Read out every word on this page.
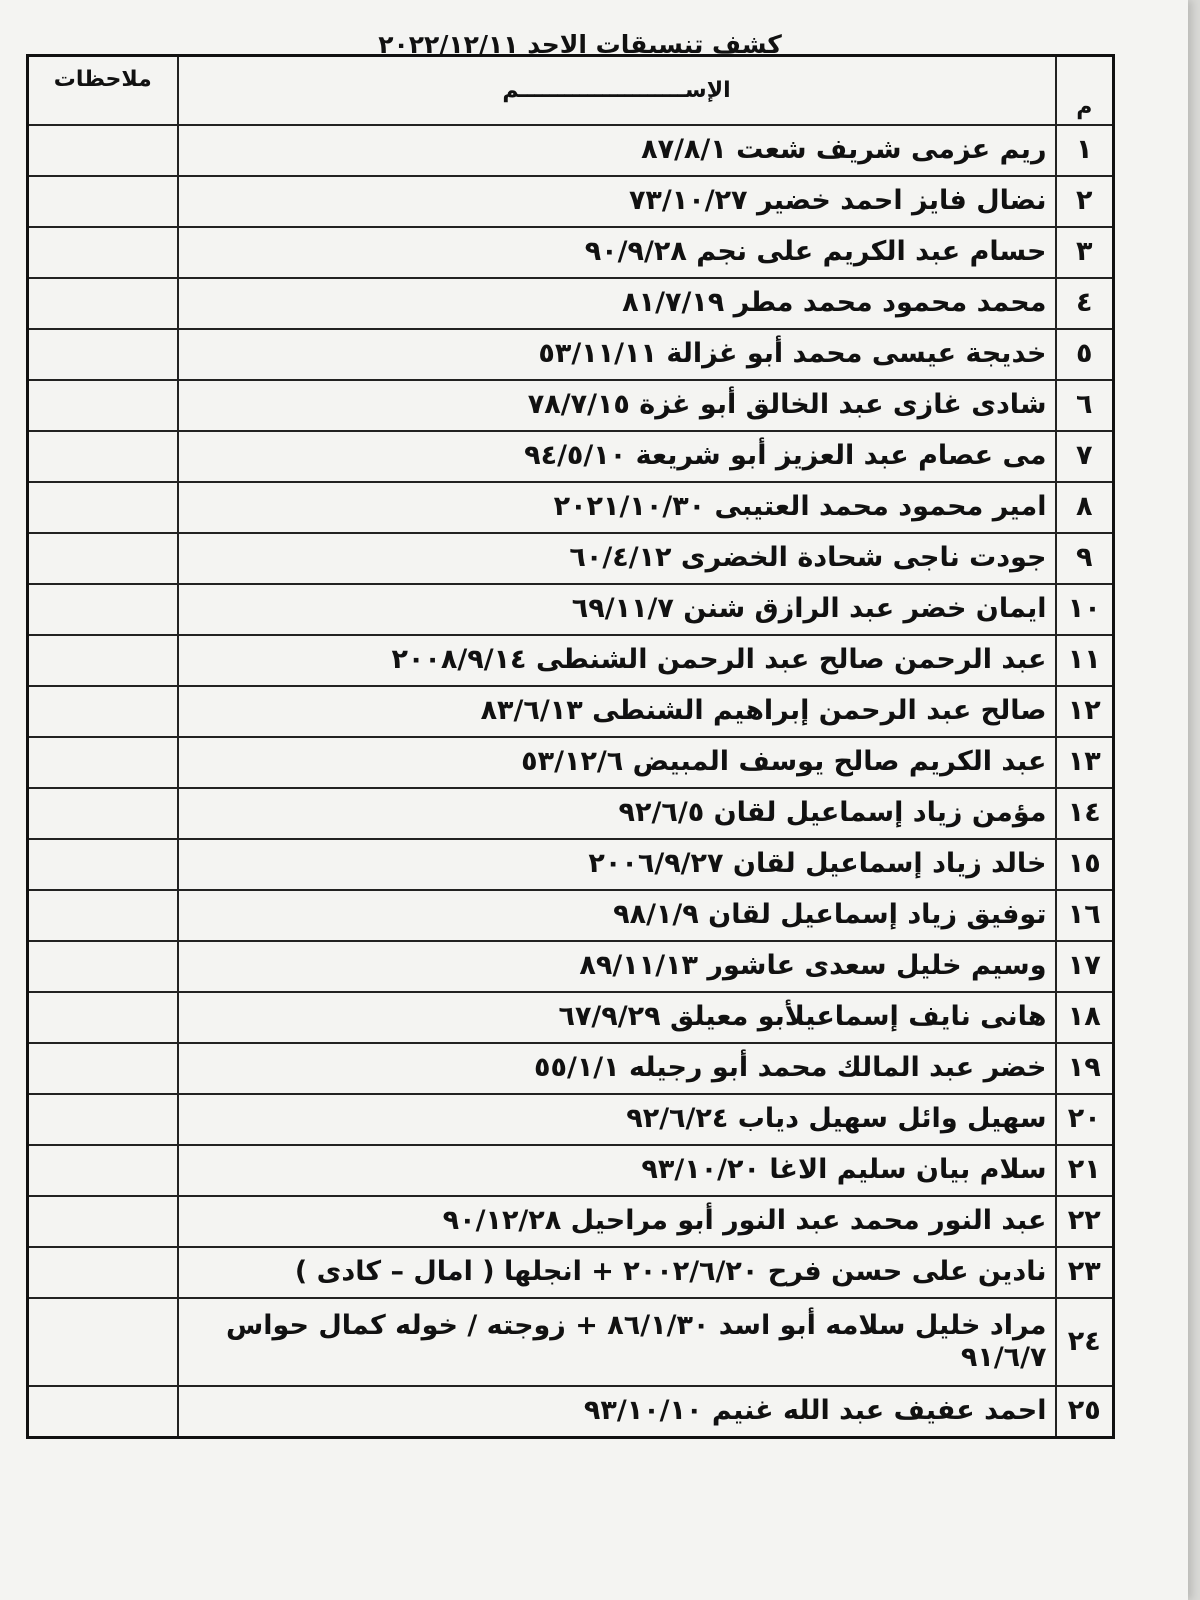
كشف تنسيقات الاحد ٢٠٢٢/١٢/١١
م	الإســــــــــــــــــــــم	ملاحظات
١	ريم عزمى شريف شعت ٨٧/٨/١	
٢	نضال فايز احمد خضير ٧٣/١٠/٢٧	
٣	حسام عبد الكريم على نجم ٩٠/٩/٢٨	
٤	محمد محمود محمد مطر ٨١/٧/١٩	
٥	خديجة عيسى محمد أبو غزالة ٥٣/١١/١١	
٦	شادى غازى عبد الخالق أبو غزة ٧٨/٧/١٥	
٧	مى عصام عبد العزيز أبو شريعة ٩٤/٥/١٠	
٨	امير محمود محمد العتيبى ٢٠٢١/١٠/٣٠	
٩	جودت ناجى شحادة الخضرى ٦٠/٤/١٢	
١٠	ايمان خضر عبد الرازق شنن ٦٩/١١/٧	
١١	عبد الرحمن صالح عبد الرحمن الشنطى ٢٠٠٨/٩/١٤	
١٢	صالح عبد الرحمن إبراهيم الشنطى ٨٣/٦/١٣	
١٣	عبد الكريم صالح يوسف المبيض ٥٣/١٢/٦	
١٤	مؤمن زياد إسماعيل لقان ٩٢/٦/٥	
١٥	خالد زياد إسماعيل لقان ٢٠٠٦/٩/٢٧	
١٦	توفيق زياد إسماعيل لقان ٩٨/١/٩	
١٧	وسيم خليل سعدى عاشور ٨٩/١١/١٣	
١٨	هانى نايف إسماعيلأبو معيلق ٦٧/٩/٢٩	
١٩	خضر عبد المالك محمد أبو رجيله ٥٥/١/١	
٢٠	سهيل وائل سهيل دياب ٩٢/٦/٢٤	
٢١	سلام بيان سليم الاغا ٩٣/١٠/٢٠	
٢٢	عبد النور محمد عبد النور أبو مراحيل ٩٠/١٢/٢٨	
٢٣	نادين على حسن فرح ٢٠٠٢/٦/٢٠ + انجلها ( امال – كادى )	
٢٤	مراد خليل سلامه أبو اسد ٨٦/١/٣٠ + زوجته / خوله كمال حواس ٩١/٦/٧	
٢٥	احمد عفيف عبد الله غنيم ٩٣/١٠/١٠	
